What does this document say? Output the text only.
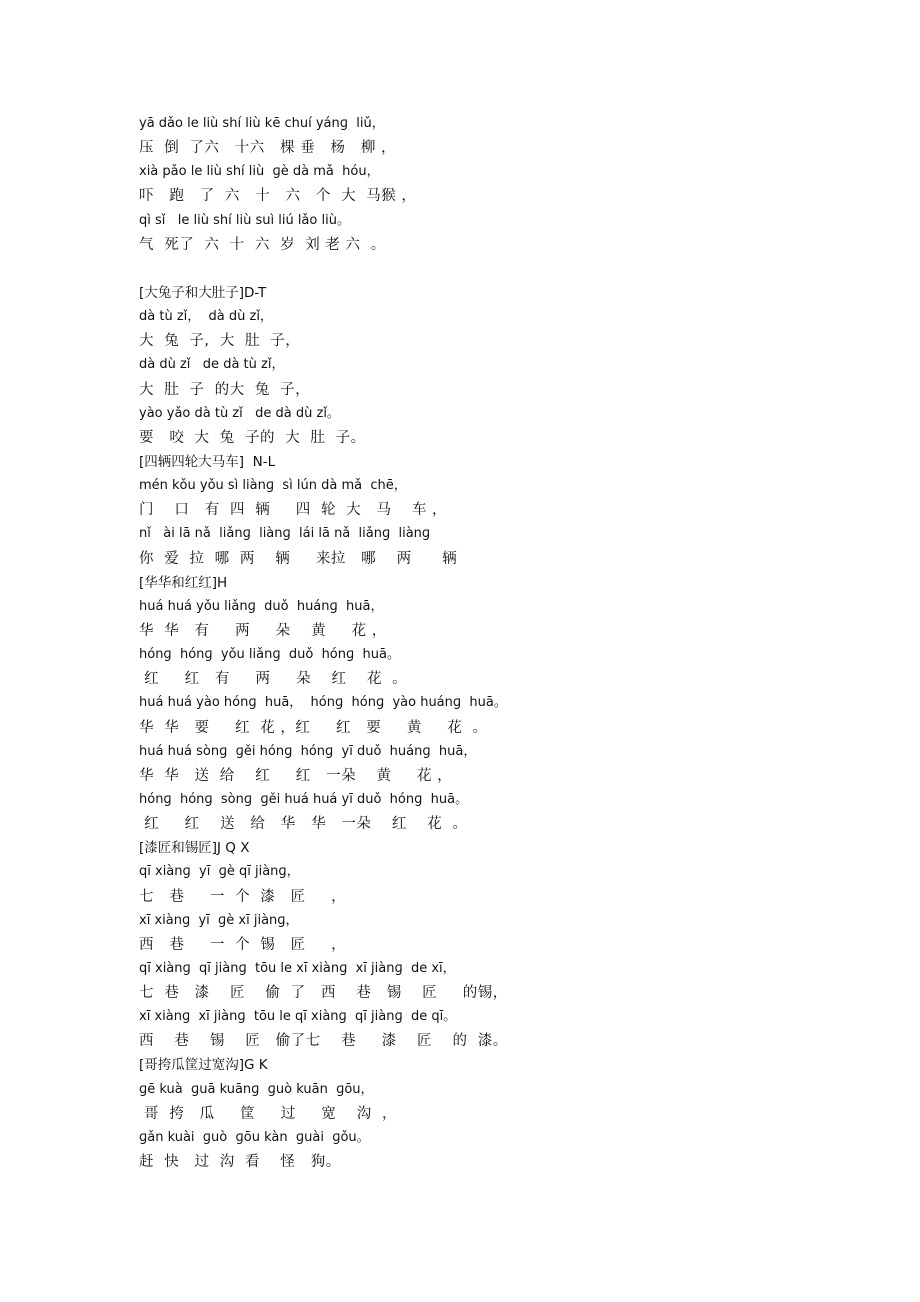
yā dǎo le liù shí liù kē chuí yánɡ  liǔ，
压  倒  了六   十六   棵 垂   杨   柳 ，
xià pǎo le liù shí liù  ɡè dà mǎ  hóu，
吓   跑   了  六   十   六   个  大  马猴 ，
qì sǐ   le liù shí liù suì liú lǎo liù。
气  死了  六  十  六  岁  刘 老 六  。
[大兔子和大肚子]D-T
dà tù zǐ，  dà dù zǐ，
大  兔  子,  大  肚  子，
dà dù zǐ   de dà tù zǐ，
大  肚  子  的大  兔  子，
yào yǎo dà tù zǐ   de dà dù zǐ。
要   咬  大  兔  子的  大  肚  子。
[四辆四轮大马车]  N-L
mén kǒu yǒu sì liànɡ  sì lún dà mǎ  chē，
门    口   有  四  辆     四  轮  大   马    车 ，
nǐ   ài lā nǎ  liǎnɡ  liànɡ  lái lā nǎ  liǎnɡ  liànɡ
你  爱  拉  哪  两    辆     来拉   哪    两      辆
[华华和红红]H
huá huá yǒu liǎnɡ  duǒ  huánɡ  huā，
华  华   有     两     朵    黄     花 ，
hónɡ  hónɡ  yǒu liǎnɡ  duǒ  hónɡ  huā。
红     红   有     两     朵    红    花  。
huá huá yào hónɡ  huā，  hónɡ  hónɡ  yào huánɡ  huā。
华  华   要     红  花 ，红     红   要     黄     花  。
huá huá sònɡ  ɡěi hónɡ  hónɡ  yī duǒ  huánɡ  huā，
华  华   送  给    红     红   一朵    黄     花 ，
hónɡ  hónɡ  sònɡ  ɡěi huá huá yī duǒ  hónɡ  huā。
红     红    送   给   华   华   一朵    红    花  。
[漆匠和锡匠]J Q X
qī xiànɡ  yī  ɡè qī jiànɡ，
七   巷     一  个  漆   匠     ，
xī xiànɡ  yī  ɡè xī jiànɡ，
西   巷     一  个  锡   匠     ，
qī xiànɡ  qī jiànɡ  tōu le xī xiànɡ  xī jiànɡ  de xī，
七  巷   漆    匠    偷  了   西    巷   锡    匠     的锡，
xī xiànɡ  xī jiànɡ  tōu le qī xiànɡ  qī jiànɡ  de qī。
西    巷    锡    匠   偷了七    巷     漆    匠    的  漆。
[哥挎瓜筐过宽沟]G K
ɡē kuà  ɡuā kuānɡ  ɡuò kuān  ɡōu，
哥  挎   瓜     筐     过     宽    沟  ，
ɡǎn kuài  ɡuò  ɡōu kàn  ɡuài  ɡǒu。
赶  快   过  沟  看    怪   狗。
